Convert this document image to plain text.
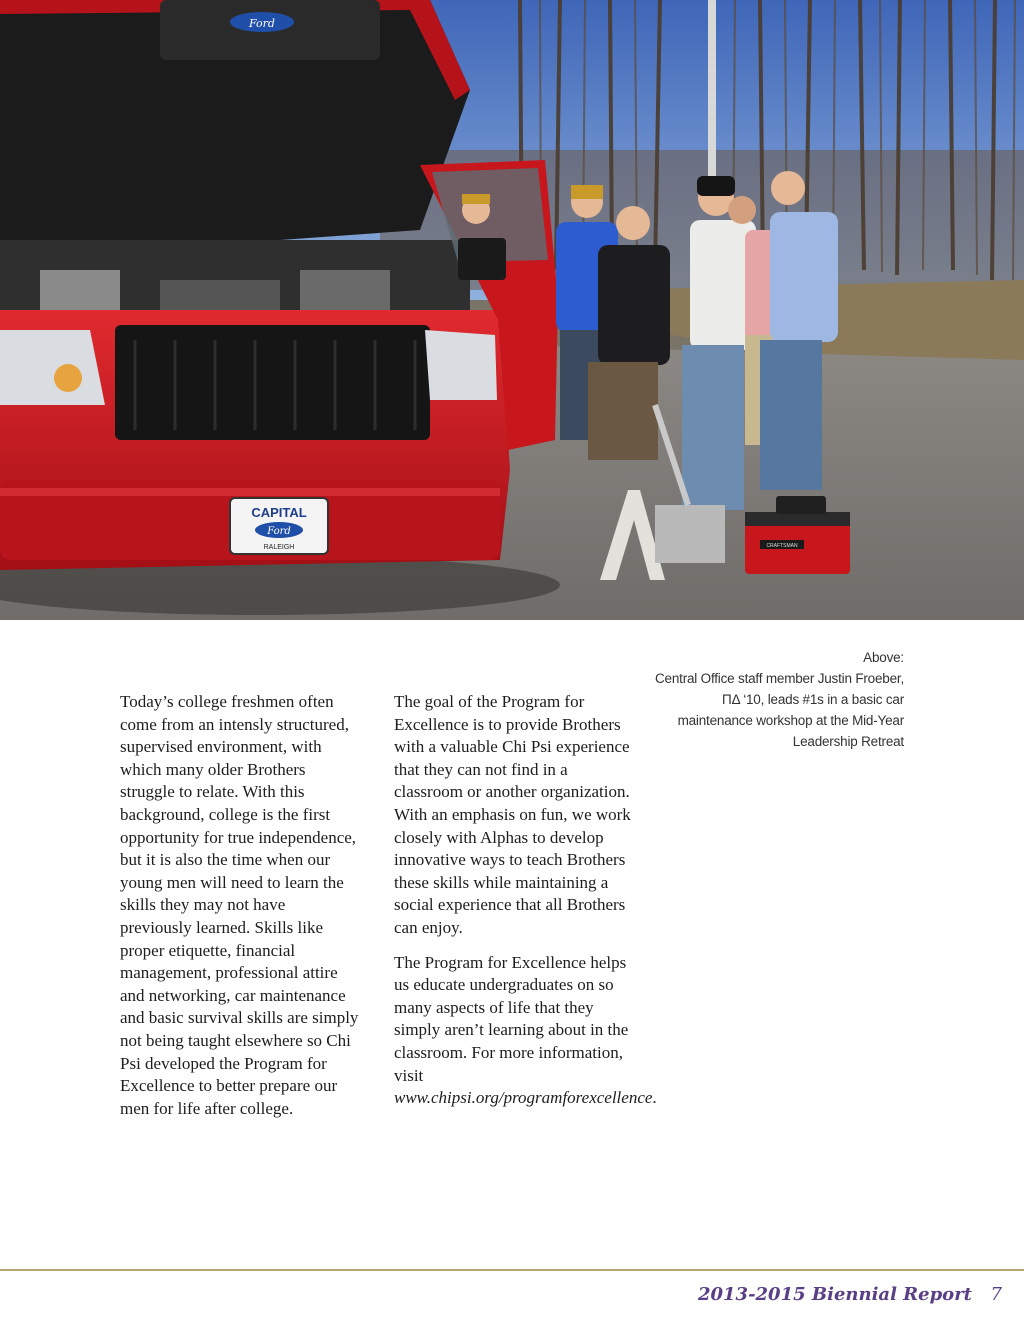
Ford
CAPITAL
Ford
RALEIGH	CRAFTSMAN
Above:
Central Office staff member Justin Froeber, ΠΔ ‘10, leads #1s in a basic car maintenance workshop at the Mid-Year Leadership Retreat

Today’s college freshmen often come from an intensly structured, supervised environment, with which many older Brothers struggle to relate. With this background, college is the first opportunity for true independence, but it is also the time when our young men will need to learn the skills they may not have previously learned. Skills like proper etiquette, financial management, professional attire and networking, car maintenance and basic survival skills are simply not being taught elsewhere so Chi Psi developed the Program for Excellence to better prepare our men for life after college.

The goal of the Program for Excellence is to provide Brothers with a valuable Chi Psi experience that they can not find in a classroom or another organization. With an emphasis on fun, we work closely with Alphas to develop innovative ways to teach Brothers these skills while maintaining a social experience that all Brothers can enjoy.

The Program for Excellence helps us educate undergraduates on so many aspects of life that they simply aren’t learning about in the classroom. For more information, visit www.chipsi.org/programforexcellence.

2013-2015 Biennial Report 7
